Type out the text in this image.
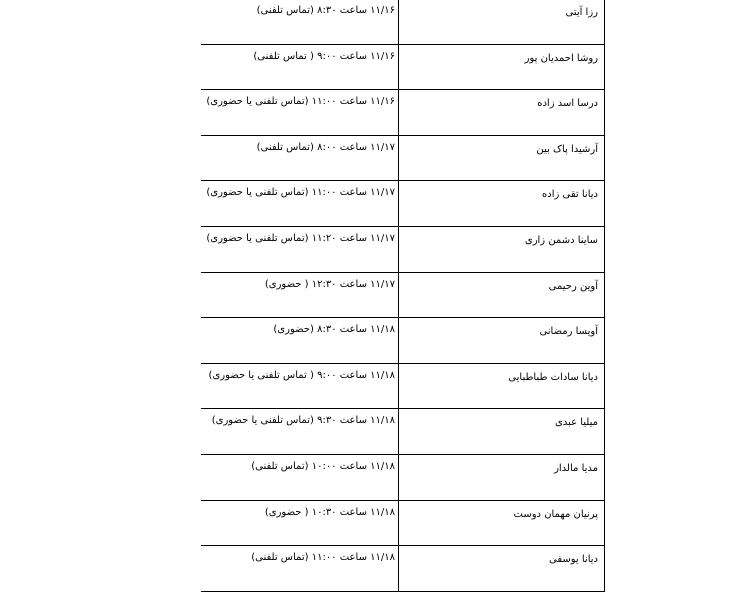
۱۱/۱۶ ساعت ۸:۳۰ (تماس تلفنی)	رزا آیتی
۱۱/۱۶ ساعت ۹:۰۰ ( تماس تلفنی)	روشا احمدیان پور
۱۱/۱۶ ساعت ۱۱:۰۰ (تماس تلفنی یا حضوری)	درسا اسد زاده
۱۱/۱۷ ساعت ۸:۰۰ (تماس تلفنی)	آرشیدا پاک بین
۱۱/۱۷ ساعت ۱۱:۰۰ (تماس تلفنی یا حضوری)	دیانا تقی زاده
۱۱/۱۷ ساعت ۱۱:۲۰ (تماس تلفنی یا حضوری)	ساینا دشمن زاری
۱۱/۱۷ ساعت ۱۲:۳۰ ( حضوری)	آوین رحیمی
۱۱/۱۸ ساعت ۸:۳۰ (حضوری)	آویسا رمضانی
۱۱/۱۸ ساعت ۹:۰۰ ( تماس تلفنی یا حضوری)	دیانا سادات طباطبایی
۱۱/۱۸ ساعت ۹:۳۰ (تماس تلفنی یا حضوری)	میلیا عبدی
۱۱/۱۸ ساعت ۱۰:۰۰ (تماس تلفنی)	مدیا مالدار
۱۱/۱۸ ساعت ۱۰:۳۰ ( حضوری)	پرنیان مهمان دوست
۱۱/۱۸ ساعت ۱۱:۰۰ (تماس تلفنی)	دیانا یوسفی
